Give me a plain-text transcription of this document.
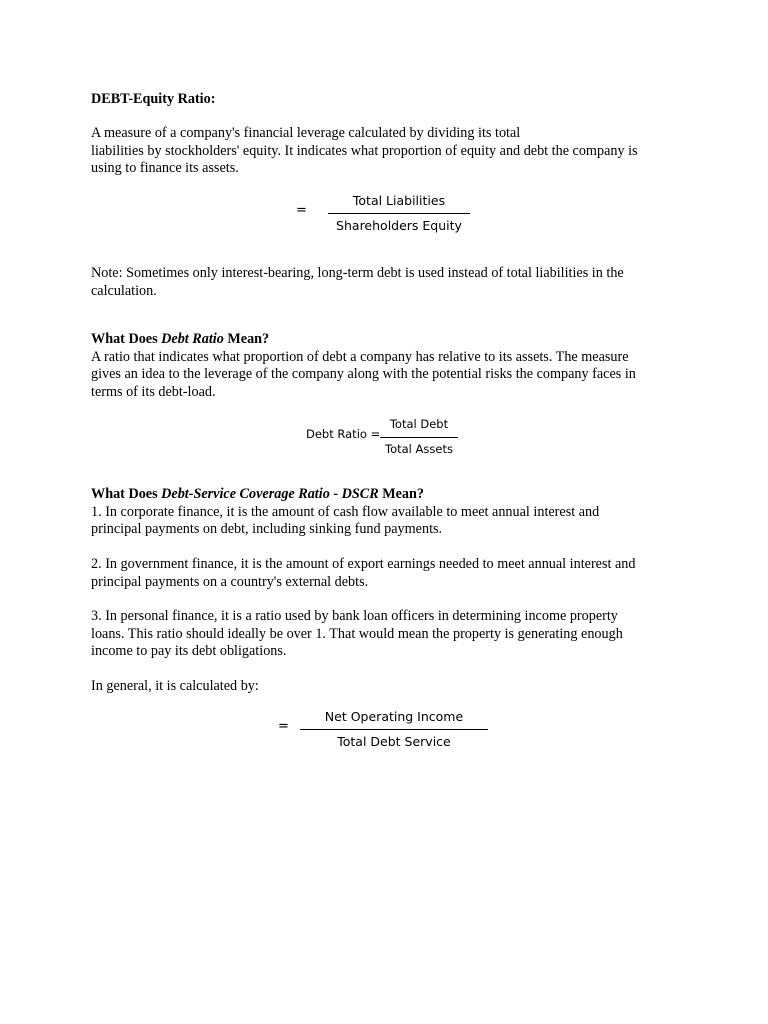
DEBT-Equity Ratio:

A measure of a company's financial leverage calculated by dividing its total
liabilities by stockholders' equity. It indicates what proportion of equity and debt the company is
using to finance its assets.

=
Total Liabilities
Shareholders Equity

Note: Sometimes only interest-bearing, long-term debt is used instead of total liabilities in the
calculation.

What Does Debt Ratio Mean?
A ratio that indicates what proportion of debt a company has relative to its assets. The measure
gives an idea to the leverage of the company along with the potential risks the company faces in
terms of its debt-load.

Debt Ratio =
Total Debt
Total Assets

What Does Debt-Service Coverage Ratio - DSCR Mean?
1. In corporate finance, it is the amount of cash flow available to meet annual interest and
principal payments on debt, including sinking fund payments.

2. In government finance, it is the amount of export earnings needed to meet annual interest and
principal payments on a country's external debts.

3. In personal finance, it is a ratio used by bank loan officers in determining income property
loans. This ratio should ideally be over 1. That would mean the property is generating enough
income to pay its debt obligations.

In general, it is calculated by:

=
Net Operating Income
Total Debt Service
